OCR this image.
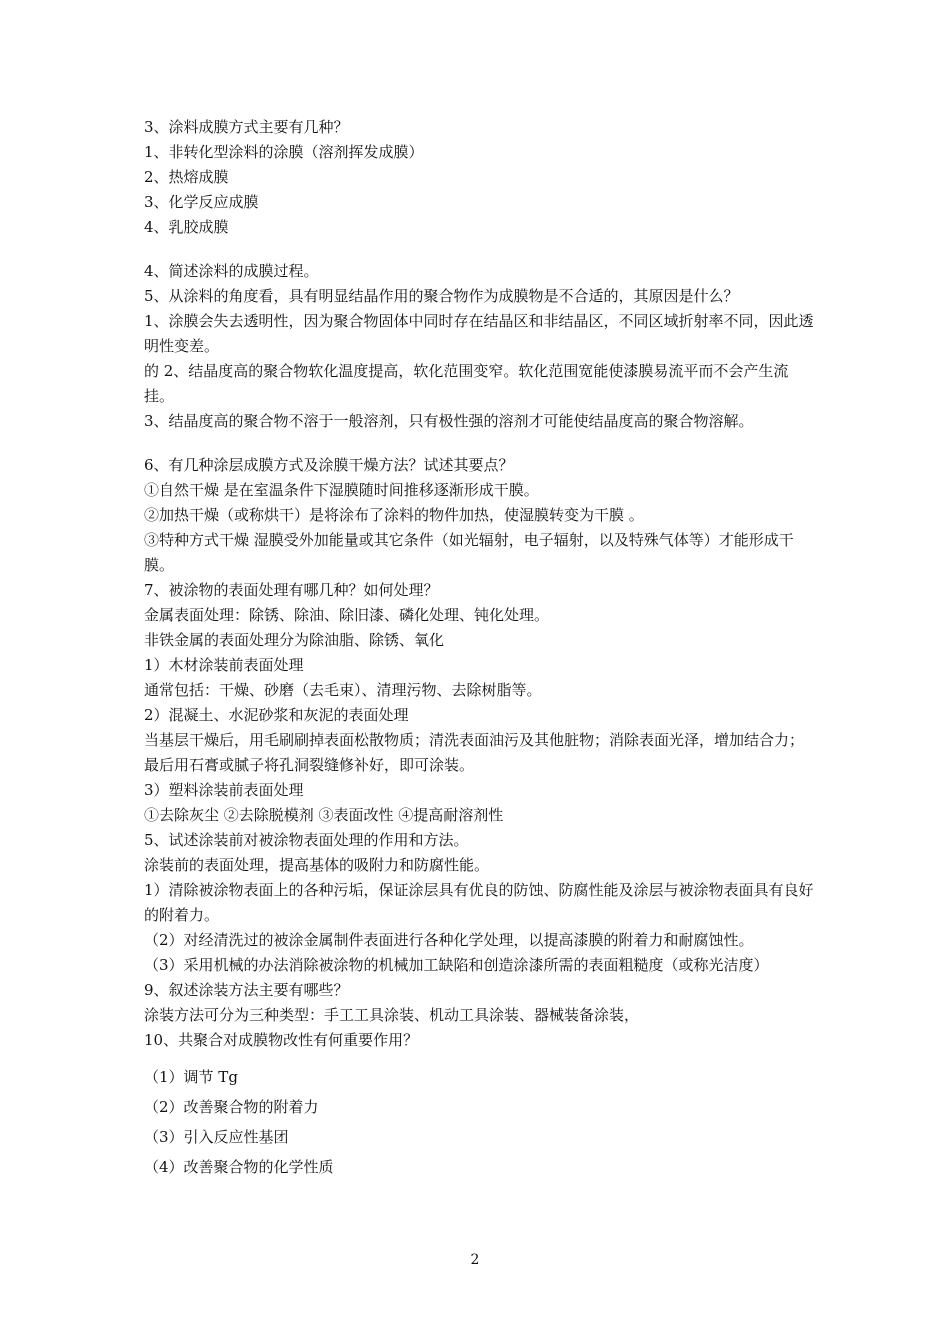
3、涂料成膜方式主要有几种？
1、非转化型涂料的涂膜（溶剂挥发成膜）
2、热熔成膜
3、化学反应成膜
4、乳胶成膜
4、简述涂料的成膜过程。
5、从涂料的角度看，具有明显结晶作用的聚合物作为成膜物是不合适的，其原因是什么？
1、涂膜会失去透明性，因为聚合物固体中同时存在结晶区和非结晶区，不同区域折射率不同，因此透明性变差。
的 2、结晶度高的聚合物软化温度提高，软化范围变窄。软化范围宽能使漆膜易流平而不会产生流挂。
3、结晶度高的聚合物不溶于一般溶剂，只有极性强的溶剂才可能使结晶度高的聚合物溶解。
6、有几种涂层成膜方式及涂膜干燥方法？试述其要点？
①自然干燥 是在室温条件下湿膜随时间推移逐渐形成干膜。
②加热干燥（或称烘干）是将涂布了涂料的物件加热，使湿膜转变为干膜 。
③特种方式干燥 湿膜受外加能量或其它条件（如光辐射，电子辐射，以及特殊气体等）才能形成干膜。
7、被涂物的表面处理有哪几种？如何处理？
金属表面处理：除锈、除油、除旧漆、磷化处理、钝化处理。
非铁金属的表面处理分为除油脂、除锈、氧化
1）木材涂装前表面处理
通常包括：干燥、砂磨（去毛束）、清理污物、去除树脂等。
2）混凝土、水泥砂浆和灰泥的表面处理
当基层干燥后，用毛刷刷掉表面松散物质；清洗表面油污及其他脏物；消除表面光泽，增加结合力；最后用石膏或腻子将孔洞裂缝修补好，即可涂装。
3）塑料涂装前表面处理
①去除灰尘 ②去除脱模剂 ③表面改性 ④提高耐溶剂性
5、试述涂装前对被涂物表面处理的作用和方法。
涂装前的表面处理，提高基体的吸附力和防腐性能。
1）清除被涂物表面上的各种污垢，保证涂层具有优良的防蚀、防腐性能及涂层与被涂物表面具有良好的附着力。
（2）对经清洗过的被涂金属制件表面进行各种化学处理，以提高漆膜的附着力和耐腐蚀性。
（3）采用机械的办法消除被涂物的机械加工缺陷和创造涂漆所需的表面粗糙度（或称光洁度）
9、叙述涂装方法主要有哪些？
涂装方法可分为三种类型：手工工具涂装、机动工具涂装、器械装备涂装，
10、共聚合对成膜物改性有何重要作用？
（1）调节 Tg
（2）改善聚合物的附着力
（3）引入反应性基团
（4）改善聚合物的化学性质
2
